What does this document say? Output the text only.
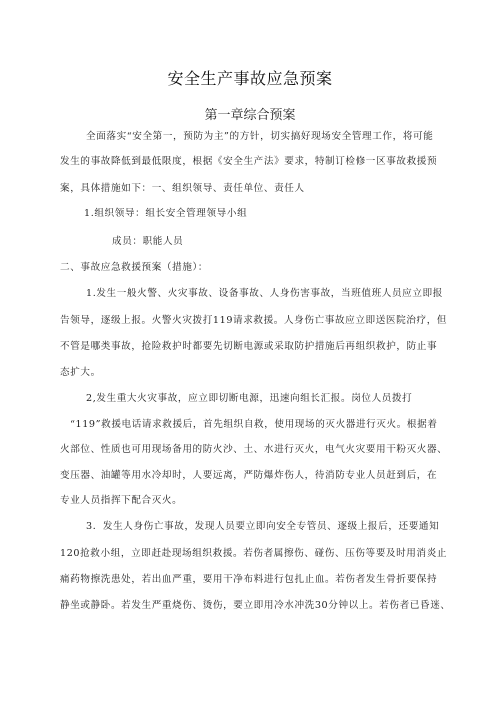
安全生产事故应急预案
第一章综合预案
全面落实“安全第一，预防为主”的方针，切实搞好现场安全管理工作，将可能
发生的事故降低到最低限度，根据《安全生产法》要求，特制订检修一区事故救援预
案，具体措施如下：一、组织领导、责任单位、责任人
1.组织领导：组长安全管理领导小组
成员：职能人员
二、事故应急救援预案（措施）：
1.发生一般火警、火灾事故、设备事故、人身伤害事故，当班值班人员应立即报
告领导，逐级上报。火警火灾拨打119请求救援。人身伤亡事故应立即送医院治疗，但
不管是哪类事故，抢险救护时都要先切断电源或采取防护措施后再组织救护，防止事
态扩大。
2,发生重大火灾事故，应立即切断电源，迅速向组长汇报。岗位人员拨打
“119”救援电话请求救援后，首先组织自救，使用现场的灭火器进行灭火。根据着
火部位、性质也可用现场备用的防火沙、土、水进行灭火，电气火灾要用干粉灭火器、
变压器、油罐等用水冷却时，人要远离，严防爆炸伤人，待消防专业人员赶到后，在
专业人员指挥下配合灭火。
3．发生人身伤亡事故，发现人员要立即向安全专管员、逐级上报后，还要通知
120抢救小组，立即赶赴现场组织救援。若伤者属擦伤、碰伤、压伤等要及时用消炎止
痛药物擦洗患处，若出血严重，要用干净布料进行包扎止血。若伤者发生骨折要保持
静坐或静卧。若发生严重烧伤、烫伤，要立即用冷水冲洗30分钟以上。若伤者已昏迷、
